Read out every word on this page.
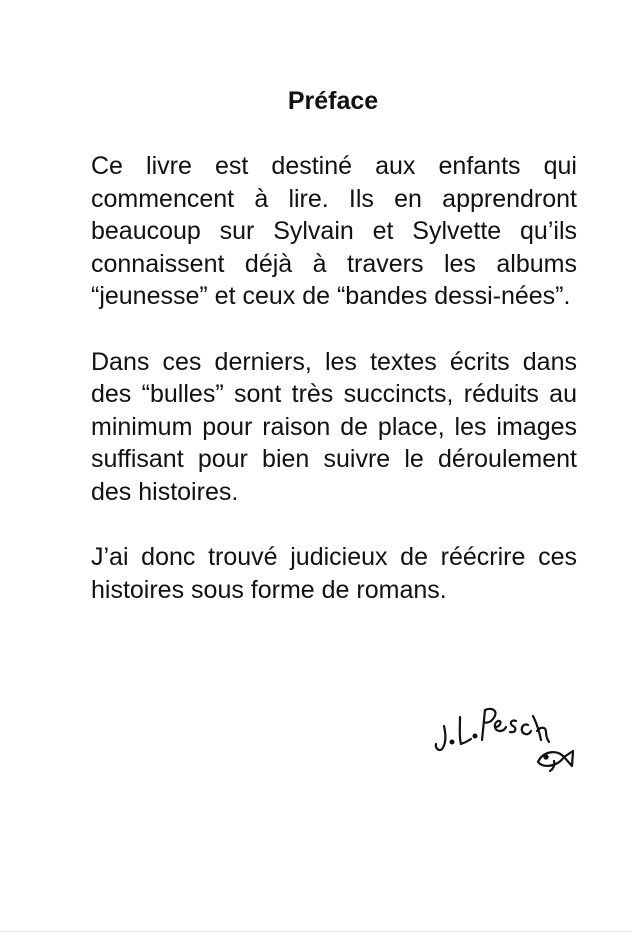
Préface

Ce livre est destiné aux enfants qui commencent à lire. Ils en apprendront beaucoup sur Sylvain et Sylvette qu’ils connaissent déjà à travers les albums “jeunesse” et ceux de “bandes dessi-nées”.

Dans ces derniers, les textes écrits dans des “bulles” sont très succincts, réduits au minimum pour raison de place, les images suffisant pour bien suivre le déroulement des histoires.

J’ai donc trouvé judicieux de réécrire ces histoires sous forme de romans.
